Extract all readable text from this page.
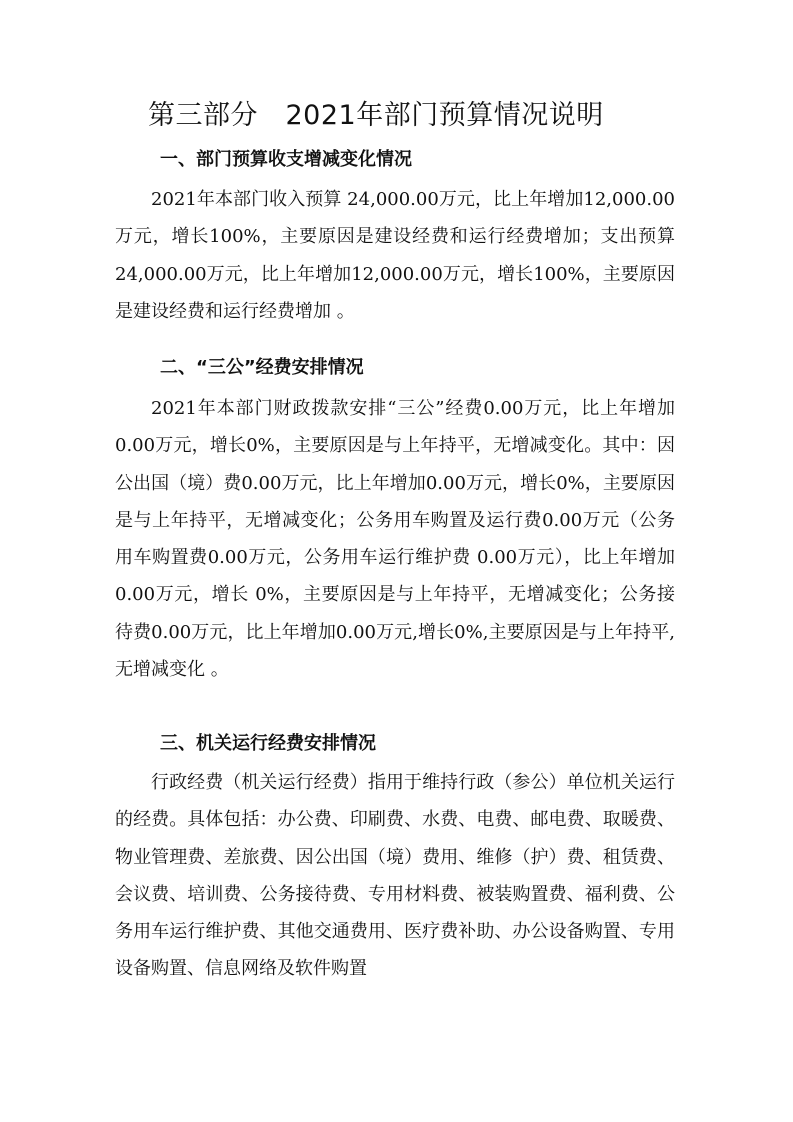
第三部分　2021年部门预算情况说明
一、部门预算收支增减变化情况

2021年本部门收入预算 24,000.00万元，比上年增加12,000.00万元，增长100%，主要原因是建设经费和运行经费增加；支出预算24,000.00万元，比上年增加12,000.00万元，增长100%，主要原因是建设经费和运行经费增加 。

二、“三公”经费安排情况

2021年本部门财政拨款安排“三公”经费0.00万元，比上年增加0.00万元，增长0%，主要原因是与上年持平，无增减变化。其中：因公出国（境）费0.00万元，比上年增加0.00万元，增长0%，主要原因是与上年持平，无增减变化；公务用车购置及运行费0.00万元（公务用车购置费0.00万元，公务用车运行维护费 0.00万元），比上年增加 0.00万元，增长 0%，主要原因是与上年持平，无增减变化；公务接待费0.00万元，比上年增加0.00万元,增长0%,主要原因是与上年持平,无增减变化 。

三、机关运行经费安排情况

行政经费（机关运行经费）指用于维持行政（参公）单位机关运行的经费。具体包括：办公费、印刷费、水费、电费、邮电费、取暖费、物业管理费、差旅费、因公出国（境）费用、维修（护）费、租赁费、会议费、培训费、公务接待费、专用材料费、被装购置费、福利费、公务用车运行维护费、其他交通费用、医疗费补助、办公设备购置、专用设备购置、信息网络及软件购置
